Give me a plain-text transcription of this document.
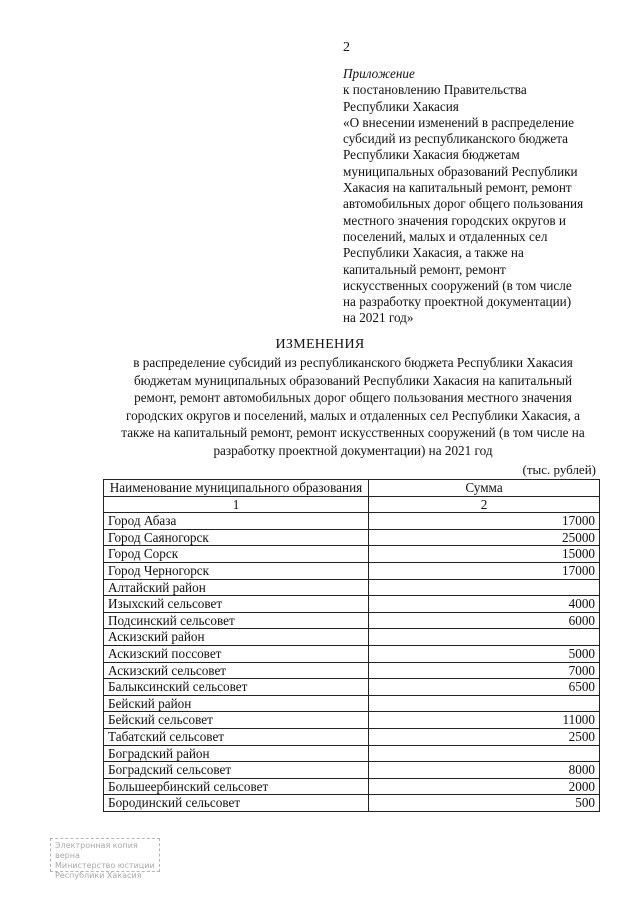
2
Приложение
к постановлению Правительства
Республики Хакасия
«О внесении изменений в распределение
субсидий из республиканского бюджета
Республики Хакасия бюджетам
муниципальных образований Республики
Хакасия на капитальный ремонт, ремонт
автомобильных дорог общего пользования
местного значения городских округов и
поселений, малых и отдаленных сел
Республики Хакасия, а также на
капитальный ремонт, ремонт
искусственных сооружений (в том числе
на разработку проектной документации)
на 2021 год»
ИЗМЕНЕНИЯ
в распределение субсидий из республиканского бюджета Республики Хакасия
бюджетам муниципальных образований Республики Хакасия на капитальный
ремонт, ремонт автомобильных дорог общего пользования местного значения
городских округов и поселений, малых и отдаленных сел Республики Хакасия, а
также на капитальный ремонт, ремонт искусственных сооружений (в том числе на
разработку проектной документации) на 2021 год
(тыс. рублей)
Наименование муниципального образования	Сумма
1	2
Город Абаза	17000
Город Саяногорск	25000
Город Сорск	15000
Город Черногорск	17000
Алтайский район	
Изыхский сельсовет	4000
Подсинский сельсовет	6000
Аскизский район	
Аскизский поссовет	5000
Аскизский сельсовет	7000
Балыксинский сельсовет	6500
Бейский район	
Бейский сельсовет	11000
Табатский сельсовет	2500
Боградский район	
Боградский сельсовет	8000
Большеербинский сельсовет	2000
Бородинский сельсовет	500
Электронная копия верна
Министерство юстиции
Республики Хакасия
